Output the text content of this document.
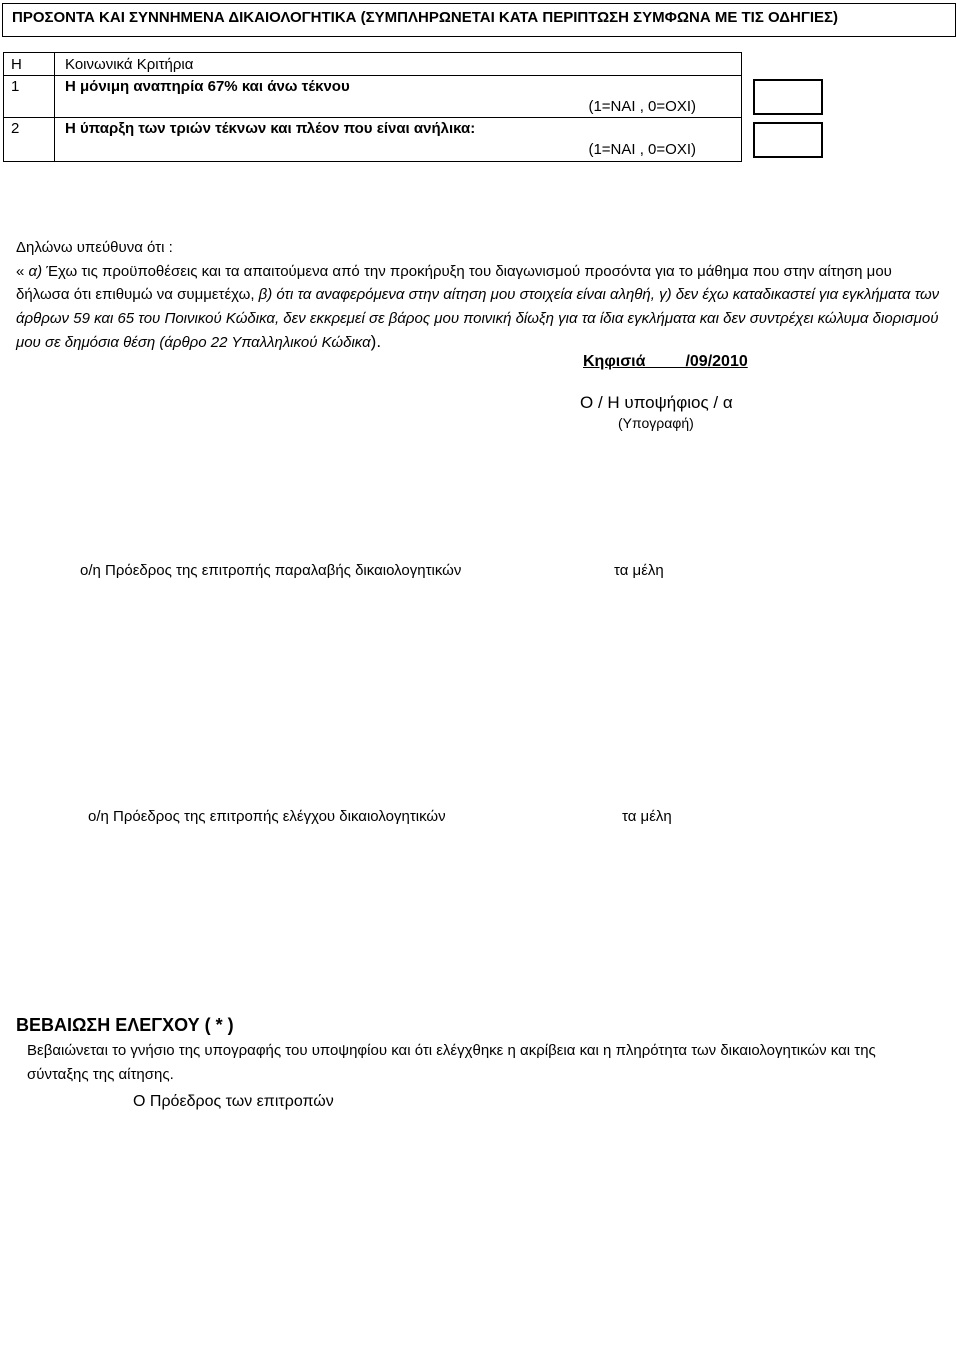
ΠΡΟΣΟΝΤΑ ΚΑΙ ΣΥΝΝΗΜΕΝΑ ΔΙΚΑΙΟΛΟΓΗΤΙΚΑ (ΣΥΜΠΛΗΡΩΝΕΤΑΙ ΚΑΤΑ ΠΕΡΙΠΤΩΣΗ ΣΥΜΦΩΝΑ ΜΕ ΤΙΣ ΟΔΗΓΙΕΣ)
Η	Κοινωνικά Κριτήρια
1	Η μόνιμη αναπηρία 67% και άνω τέκνου
(1=ΝΑΙ , 0=ΟΧΙ)
2	Η ύπαρξη των τριών τέκνων και πλέον που είναι ανήλικα:
(1=ΝΑΙ , 0=ΟΧΙ)

Δηλώνω υπεύθυνα ότι :

« α) Έχω τις προϋποθέσεις και τα απαιτούμενα από την προκήρυξη του διαγωνισμού προσόντα για το μάθημα που στην αίτηση μου δήλωσα ότι επιθυμώ να συμμετέχω, β) ότι τα αναφερόμενα στην αίτηση μου στοιχεία είναι αληθή, γ) δεν έχω καταδικαστεί για εγκλήματα των άρθρων 59 και 65 του Ποινικού Κώδικα, δεν εκκρεμεί σε βάρος μου ποινική δίωξη για τα ίδια εγκλήματα και δεν συντρέχει κώλυμα διορισμού μου σε δημόσια θέση (άρθρο 22 Υπαλληλικού Κώδικα).

Κηφισιά         /09/2010
Ο / Η υποψήφιος / α
(Υπογραφή)
ο/η Πρόεδρος της επιτροπής παραλαβής δικαιολογητικών	τα μέλη
ο/η Πρόεδρος της επιτροπής ελέγχου δικαιολογητικών	τα μέλη
ΒΕΒΑΙΩΣΗ ΕΛΕΓΧΟΥ ( * )
Βεβαιώνεται το γνήσιο της υπογραφής του υποψηφίου και ότι ελέγχθηκε η ακρίβεια και η πληρότητα των δικαιολογητικών και της σύνταξης της αίτησης.
Ο Πρόεδρος των επιτροπών
